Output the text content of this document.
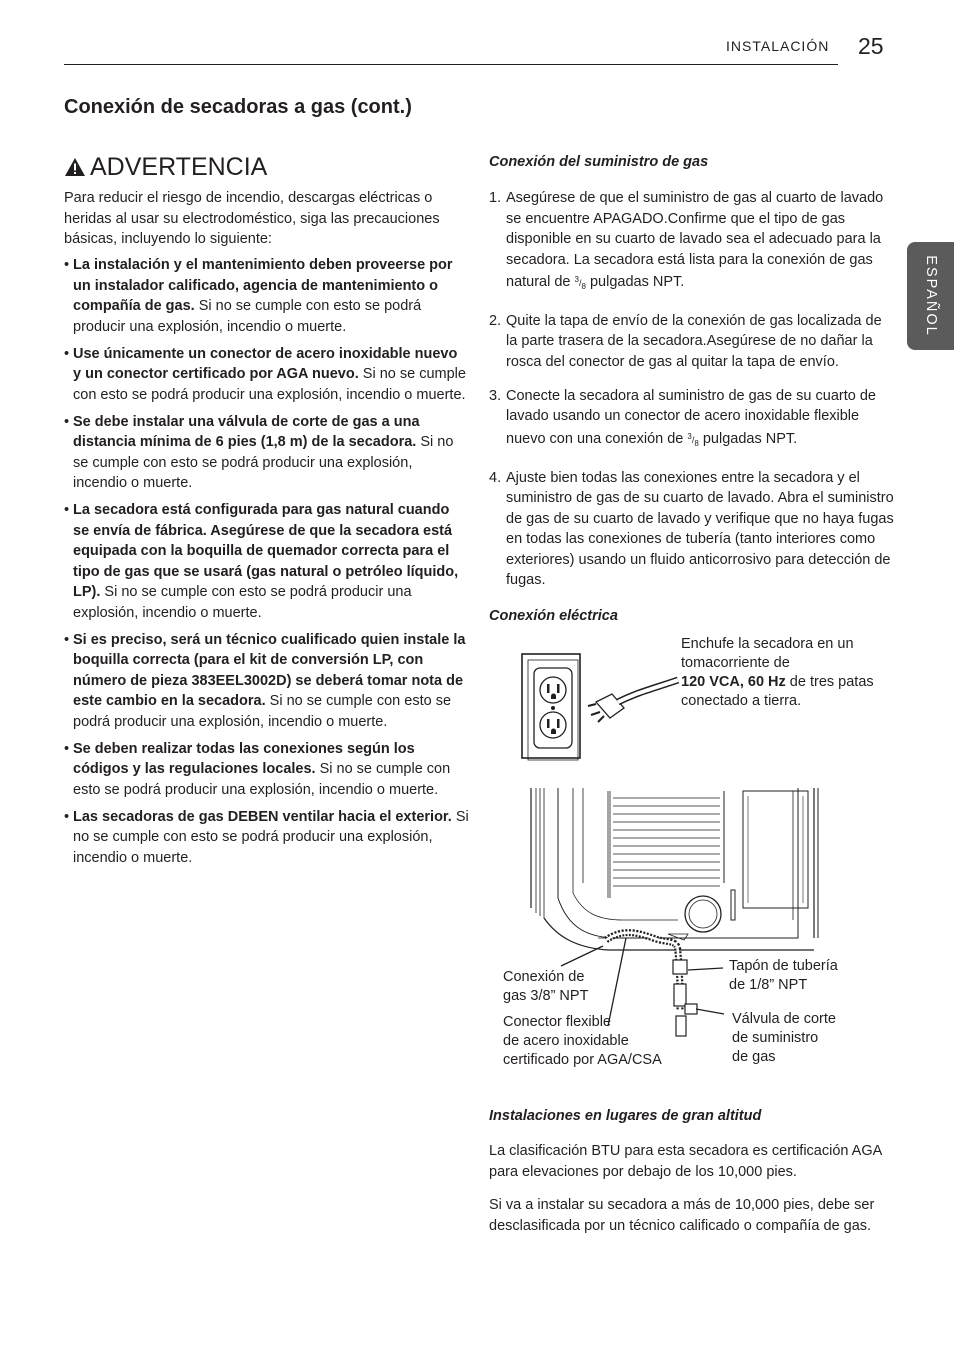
INSTALACIÓN 25
ESPAÑOL
Conexión de secadoras a gas (cont.)
ADVERTENCIA
Para reducir el riesgo de incendio, descargas eléctricas o heridas al usar su electrodoméstico, siga las precauciones básicas, incluyendo lo siguiente:
• La instalación y el mantenimiento deben proveerse por un instalador calificado, agencia de mantenimiento o compañía de gas. Si no se cumple con esto se podrá producir una explosión, incendio o muerte.
• Use únicamente un conector de acero inoxidable nuevo y un conector certificado por AGA nuevo. Si no se cumple con esto se podrá producir una explosión, incendio o muerte.
• Se debe instalar una válvula de corte de gas a una distancia mínima de 6 pies (1,8 m) de la secadora. Si no se cumple con esto se podrá producir una explosión, incendio o muerte.
• La secadora está configurada para gas natural cuando se envía de fábrica. Asegúrese de que la secadora está equipada con la boquilla de quemador correcta para el tipo de gas que se usará (gas natural o petróleo líquido, LP). Si no se cumple con esto se podrá producir una explosión, incendio o muerte.
• Si es preciso, será un técnico cualificado quien instale la boquilla correcta (para el kit de conversión LP, con número de pieza 383EEL3002D) se deberá tomar nota de este cambio en la secadora. Si no se cumple con esto se podrá producir una explosión, incendio o muerte.
• Se deben realizar todas las conexiones según los códigos y las regulaciones locales. Si no se cumple con esto se podrá producir una explosión, incendio o muerte.
• Las secadoras de gas DEBEN ventilar hacia el exterior. Si no se cumple con esto se podrá producir una explosión, incendio o muerte.
Conexión del suministro de gas
1. Asegúrese de que el suministro de gas al cuarto de lavado se encuentre APAGADO.Confirme que el tipo de gas disponible en su cuarto de lavado sea el adecuado para la secadora. La secadora está lista para la conexión de gas natural de $^3/_8$ pulgadas NPT.
2. Quite la tapa de envío de la conexión de gas localizada de la parte trasera de la secadora.Asegúrese de no dañar la rosca del conector de gas al quitar la tapa de envío.
3. Conecte la secadora al suministro de gas de su cuarto de lavado usando un conector de acero inoxidable flexible nuevo con una conexión de $^3/_8$ pulgadas NPT.
4. Ajuste bien todas las conexiones entre la secadora y el suministro de gas de su cuarto de lavado. Abra el suministro de gas de su cuarto de lavado y verifique que no haya fugas en todas las conexiones de tubería (tanto interiores como exteriores) usando un fluido anticorrosivo para detección de fugas.
Conexión eléctrica
Enchufe la secadora en un tomacorriente de
120 VCA, 60 Hz de tres patas conectado a tierra.
Conexión de
gas 3/8” NPT
Conector flexible
de acero inoxidable
certificado por AGA/CSA
Tapón de tubería
de 1/8” NPT
Válvula de corte
de suministro
de gas
Instalaciones en lugares de gran altitud
La clasificación BTU para esta secadora es certificación AGA para elevaciones por debajo de los 10,000 pies.
Si va a instalar su secadora a más de 10,000 pies, debe ser desclasificada por un técnico calificado o compañía de gas.
